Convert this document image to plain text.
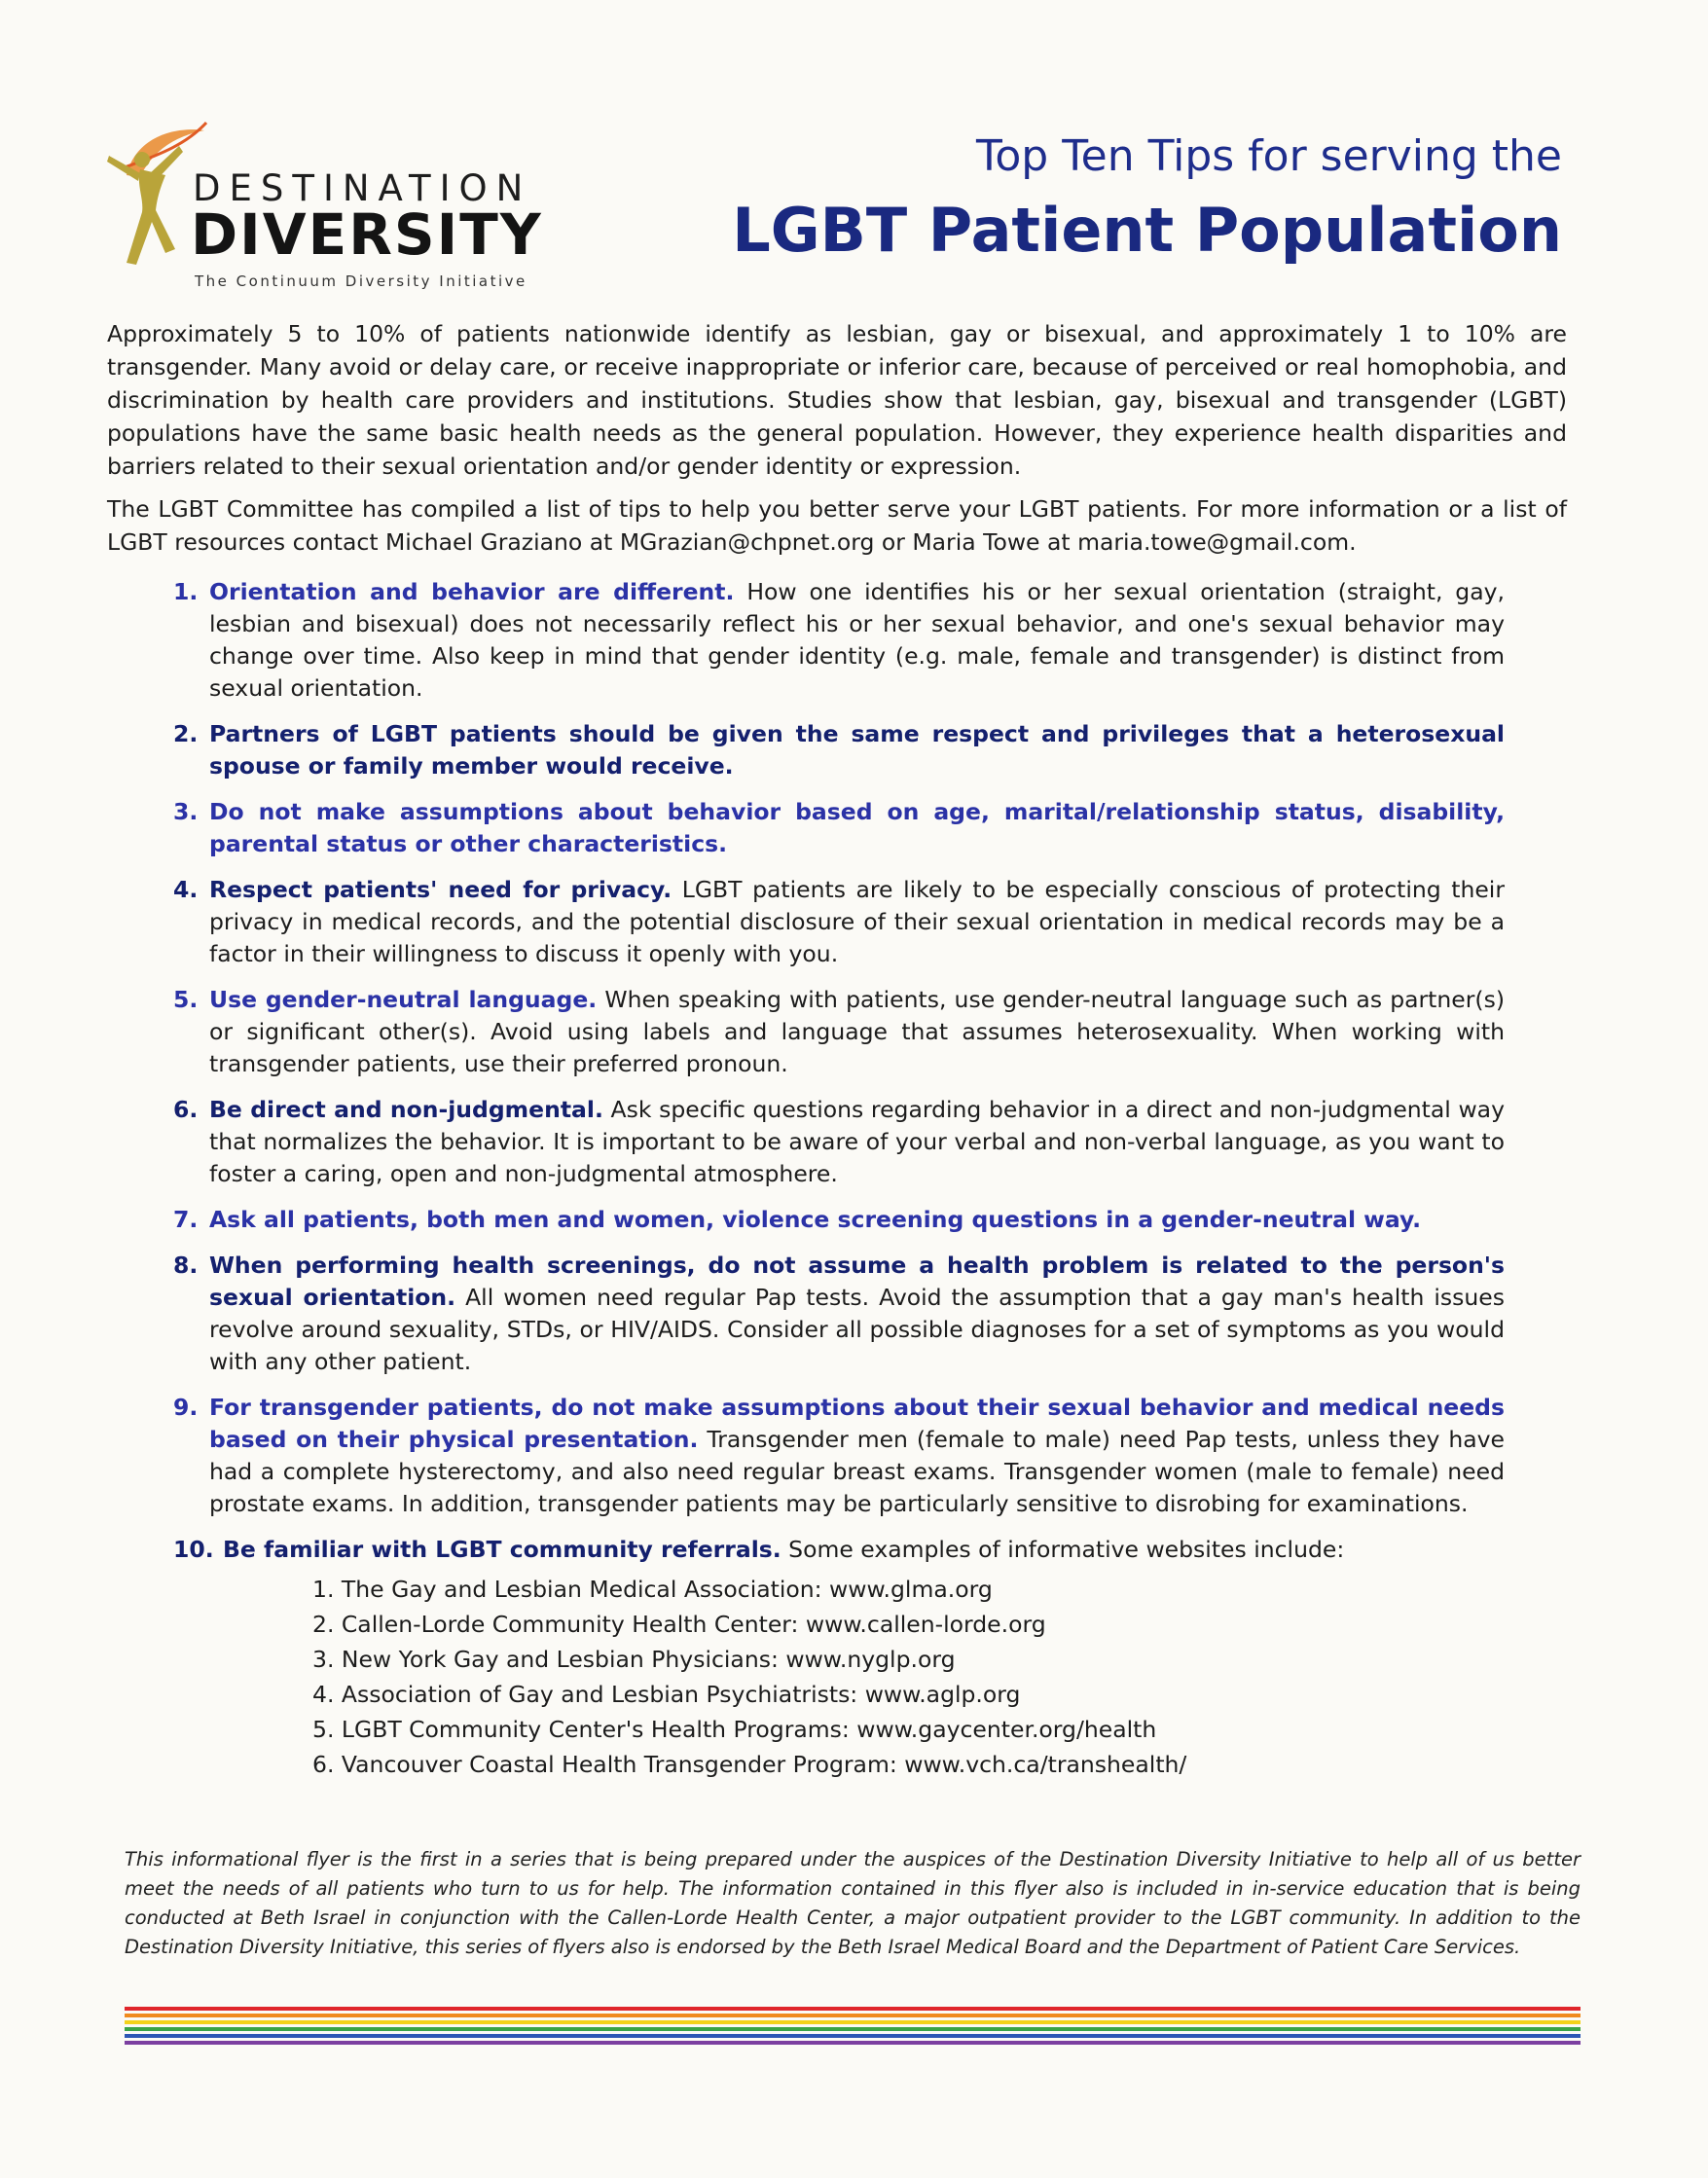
DESTINATION
DIVERSITY
The Continuum Diversity Initiative
Top Ten Tips for serving the
LGBT Patient Population

Approximately 5 to 10% of patients nationwide identify as lesbian, gay or bisexual, and approximately 1 to 10% are transgender. Many avoid or delay care, or receive inappropriate or inferior care, because of perceived or real homophobia, and discrimination by health care providers and institutions. Studies show that lesbian, gay, bisexual and transgender (LGBT) populations have the same basic health needs as the general population. However, they experience health disparities and barriers related to their sexual orientation and/or gender identity or expression.

The LGBT Committee has compiled a list of tips to help you better serve your LGBT patients. For more information or a list of LGBT resources contact Michael Graziano at MGrazian@chpnet.org or Maria Towe at maria.towe@gmail.com.

1. Orientation and behavior are different. How one identifies his or her sexual orientation (straight, gay, lesbian and bisexual) does not necessarily reflect his or her sexual behavior, and one's sexual behavior may change over time. Also keep in mind that gender identity (e.g. male, female and transgender) is distinct from sexual orientation.
2. Partners of LGBT patients should be given the same respect and privileges that a heterosexual spouse or family member would receive.
3. Do not make assumptions about behavior based on age, marital/relationship status, disability, parental status or other characteristics.
4. Respect patients' need for privacy. LGBT patients are likely to be especially conscious of protecting their privacy in medical records, and the potential disclosure of their sexual orientation in medical records may be a factor in their willingness to discuss it openly with you.
5. Use gender-neutral language. When speaking with patients, use gender-neutral language such as partner(s) or significant other(s). Avoid using labels and language that assumes heterosexuality. When working with transgender patients, use their preferred pronoun.
6. Be direct and non-judgmental. Ask specific questions regarding behavior in a direct and non-judgmental way that normalizes the behavior. It is important to be aware of your verbal and non-verbal language, as you want to foster a caring, open and non-judgmental atmosphere.
7. Ask all patients, both men and women, violence screening questions in a gender-neutral way.
8. When performing health screenings, do not assume a health problem is related to the person's sexual orientation. All women need regular Pap tests. Avoid the assumption that a gay man's health issues revolve around sexuality, STDs, or HIV/AIDS. Consider all possible diagnoses for a set of symptoms as you would with any other patient.
9. For transgender patients, do not make assumptions about their sexual behavior and medical needs based on their physical presentation. Transgender men (female to male) need Pap tests, unless they have had a complete hysterectomy, and also need regular breast exams. Transgender women (male to female) need prostate exams. In addition, transgender patients may be particularly sensitive to disrobing for examinations.
10. Be familiar with LGBT community referrals. Some examples of informative websites include:
1. The Gay and Lesbian Medical Association: www.glma.org
2. Callen-Lorde Community Health Center: www.callen-lorde.org
3. New York Gay and Lesbian Physicians: www.nyglp.org
4. Association of Gay and Lesbian Psychiatrists: www.aglp.org
5. LGBT Community Center's Health Programs: www.gaycenter.org/health
6. Vancouver Coastal Health Transgender Program: www.vch.ca/transhealth/
This informational flyer is the first in a series that is being prepared under the auspices of the Destination Diversity Initiative to help all of us better meet the needs of all patients who turn to us for help. The information contained in this flyer also is included in in-service education that is being conducted at Beth Israel in conjunction with the Callen-Lorde Health Center, a major outpatient provider to the LGBT community. In addition to the Destination Diversity Initiative, this series of flyers also is endorsed by the Beth Israel Medical Board and the Department of Patient Care Services.
